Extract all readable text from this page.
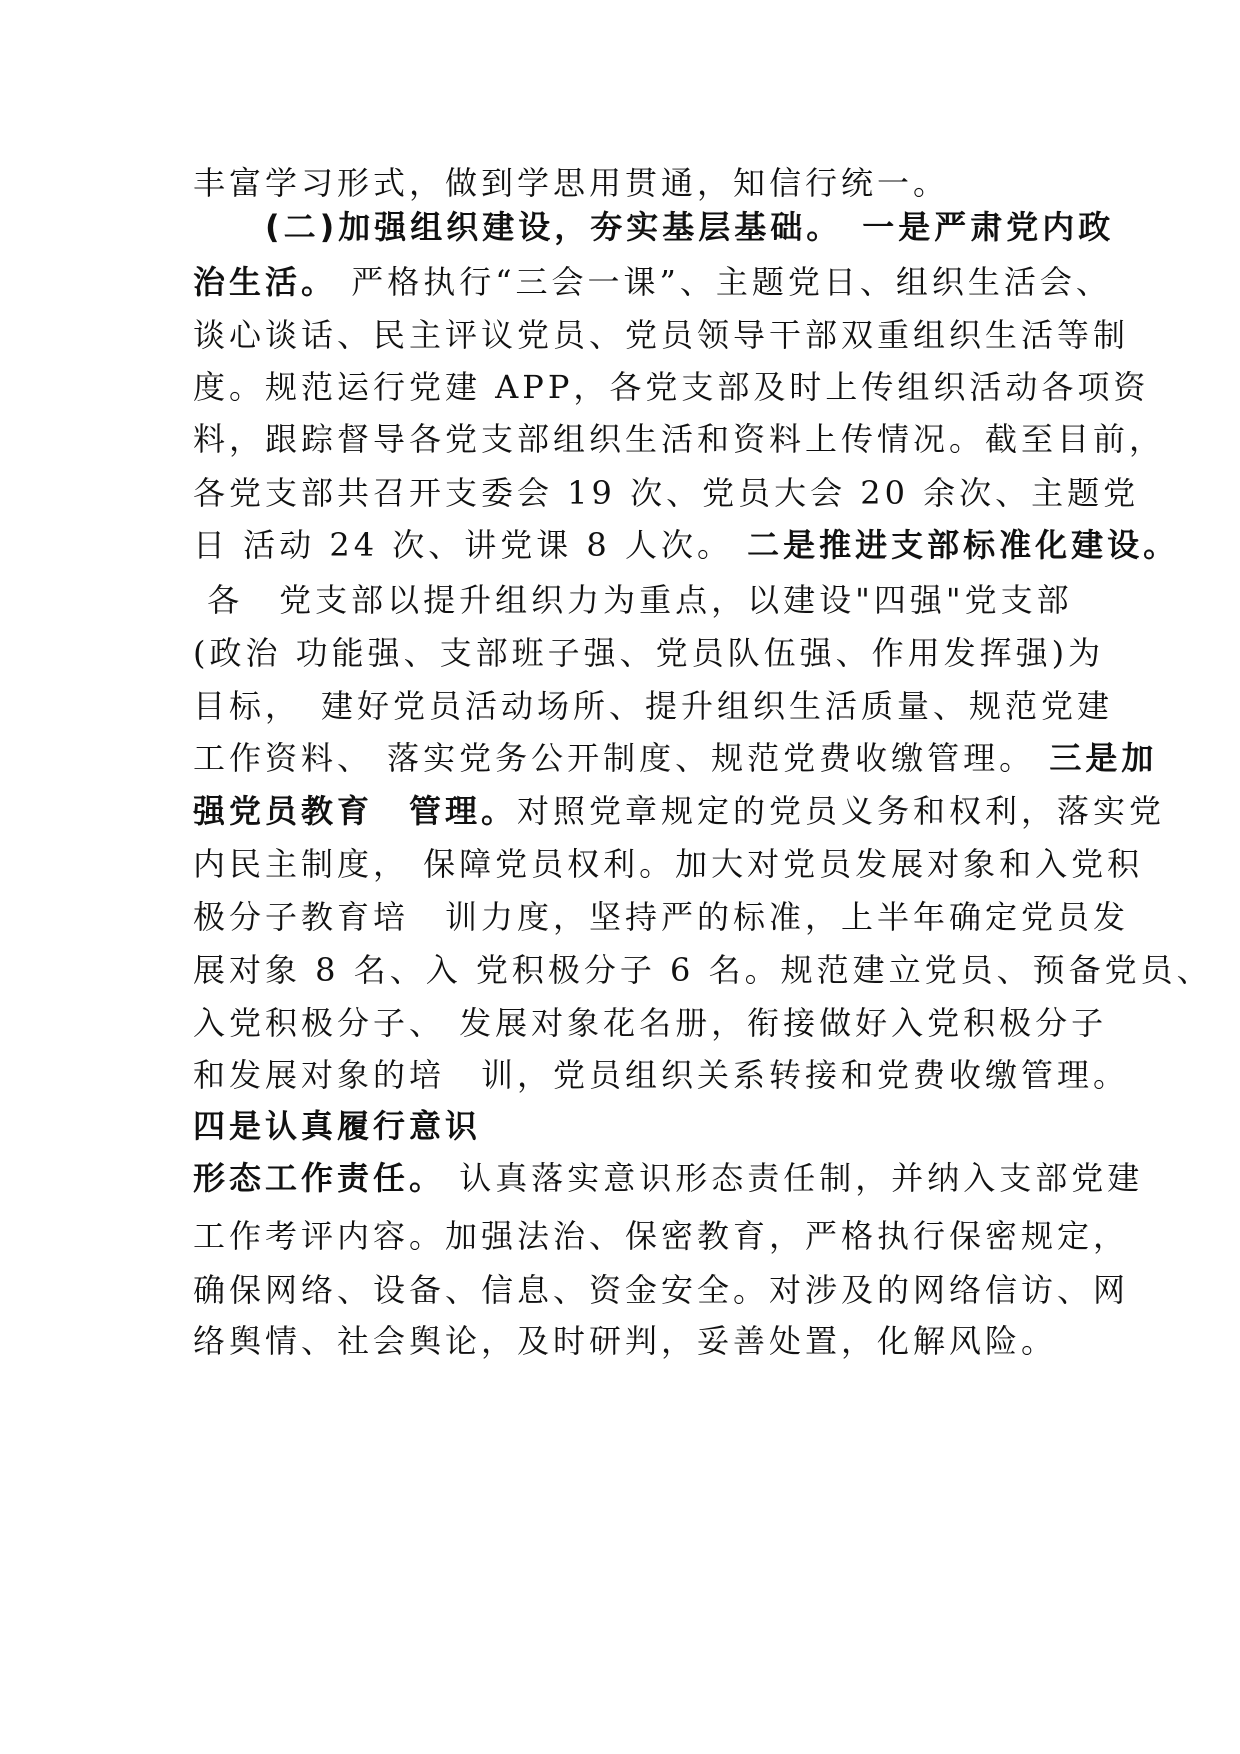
丰富学习形式，做到学思用贯通，知信行统一。
　　(二)加强组织建设，夯实基层基础。　一是严肃党内政
治生活。 严格执行“三会一课”、主题党日、组织生活会、
谈心谈话、民主评议党员、党员领导干部双重组织生活等制
度。规范运行党建 APP，各党支部及时上传组织活动各项资
料，跟踪督导各党支部组织生活和资料上传情况。截至目前，
各党支部共召开支委会 19 次、党员大会 20 余次、主题党
日 活动 24 次、讲党课 8 人次。 二是推进支部标准化建设。
各　党支部以提升组织力为重点，以建设"四强"党支部
(政治 功能强、支部班子强、党员队伍强、作用发挥强)为
目标，　建好党员活动场所、提升组织生活质量、规范党建
工作资料、 落实党务公开制度、规范党费收缴管理。 三是加
强党员教育　管理。对照党章规定的党员义务和权利，落实党
内民主制度， 保障党员权利。加大对党员发展对象和入党积
极分子教育培　训力度，坚持严的标准，上半年确定党员发
展对象 8 名、入 党积极分子 6 名。规范建立党员、预备党员、
入党积极分子、 发展对象花名册，衔接做好入党积极分子
和发展对象的培　训，党员组织关系转接和党费收缴管理。
四是认真履行意识
形态工作责任。 认真落实意识形态责任制，并纳入支部党建
工作考评内容。加强法治、保密教育，严格执行保密规定，
确保网络、设备、信息、资金安全。对涉及的网络信访、网
络舆情、社会舆论，及时研判，妥善处置，化解风险。
